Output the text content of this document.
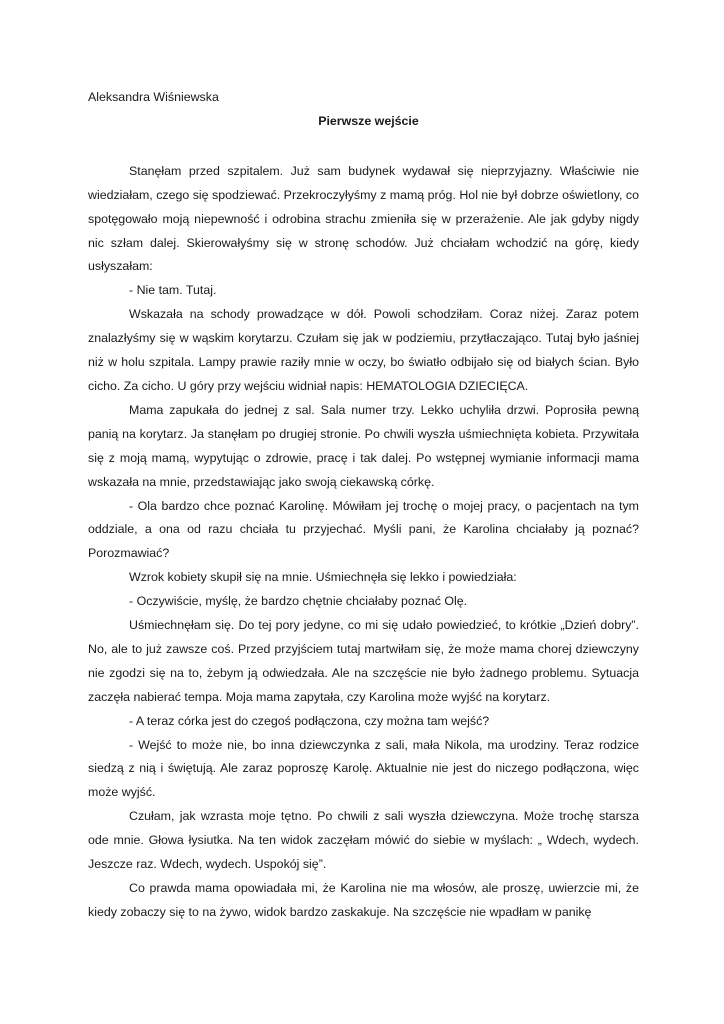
Aleksandra Wiśniewska

Pierwsze wejście

Stanęłam przed szpitalem. Już sam budynek wydawał się nieprzyjazny. Właściwie nie wiedziałam, czego się spodziewać. Przekroczyłyśmy z mamą próg. Hol nie był dobrze oświetlony, co spotęgowało moją niepewność i odrobina strachu zmieniła się w przerażenie. Ale jak gdyby nigdy nic szłam dalej. Skierowałyśmy się w stronę schodów. Już chciałam wchodzić na górę, kiedy usłyszałam:

- Nie tam. Tutaj.

Wskazała na schody prowadzące w dół. Powoli schodziłam. Coraz niżej. Zaraz potem znalazłyśmy się w wąskim korytarzu. Czułam się jak w podziemiu, przytłaczająco. Tutaj było jaśniej niż w holu szpitala. Lampy prawie raziły mnie w oczy, bo światło odbijało się od białych ścian. Było cicho. Za cicho. U góry przy wejściu widniał napis: HEMATOLOGIA DZIECIĘCA.

Mama zapukała do jednej z sal. Sala numer trzy. Lekko uchyliła drzwi. Poprosiła pewną panią na korytarz. Ja stanęłam po drugiej stronie. Po chwili wyszła uśmiechnięta kobieta. Przywitała się z moją mamą, wypytując o zdrowie, pracę i tak dalej. Po wstępnej wymianie informacji mama wskazała na mnie, przedstawiając jako swoją ciekawską córkę.

- Ola bardzo chce poznać Karolinę. Mówiłam jej trochę o mojej pracy, o pacjentach na tym oddziale, a ona od razu chciała tu przyjechać. Myśli pani, że Karolina chciałaby ją poznać? Porozmawiać?

Wzrok kobiety skupił się na mnie. Uśmiechnęła się lekko i powiedziała:

- Oczywiście, myślę, że bardzo chętnie chciałaby poznać Olę.

Uśmiechnęłam się. Do tej pory jedyne, co mi się udało powiedzieć, to krótkie „Dzień dobry”. No, ale to już zawsze coś. Przed przyjściem tutaj martwiłam się, że może mama chorej dziewczyny nie zgodzi się na to, żebym ją odwiedzała. Ale na szczęście nie było żadnego problemu. Sytuacja zaczęła nabierać tempa. Moja mama zapytała, czy Karolina może wyjść na korytarz.

- A teraz córka jest do czegoś podłączona, czy można tam wejść?

- Wejść to może nie, bo inna dziewczynka z sali, mała Nikola, ma urodziny. Teraz rodzice siedzą z nią i świętują. Ale zaraz poproszę Karolę. Aktualnie nie jest do niczego podłączona, więc może wyjść.

Czułam, jak wzrasta moje tętno. Po chwili z sali wyszła dziewczyna. Może trochę starsza ode mnie. Głowa łysiutka. Na ten widok zaczęłam mówić do siebie w myślach: „ Wdech, wydech. Jeszcze raz. Wdech, wydech. Uspokój się”.

Co prawda mama opowiadała mi, że Karolina nie ma włosów, ale proszę, uwierzcie mi, że kiedy zobaczy się to na żywo, widok bardzo zaskakuje. Na szczęście nie wpadłam w panikę
